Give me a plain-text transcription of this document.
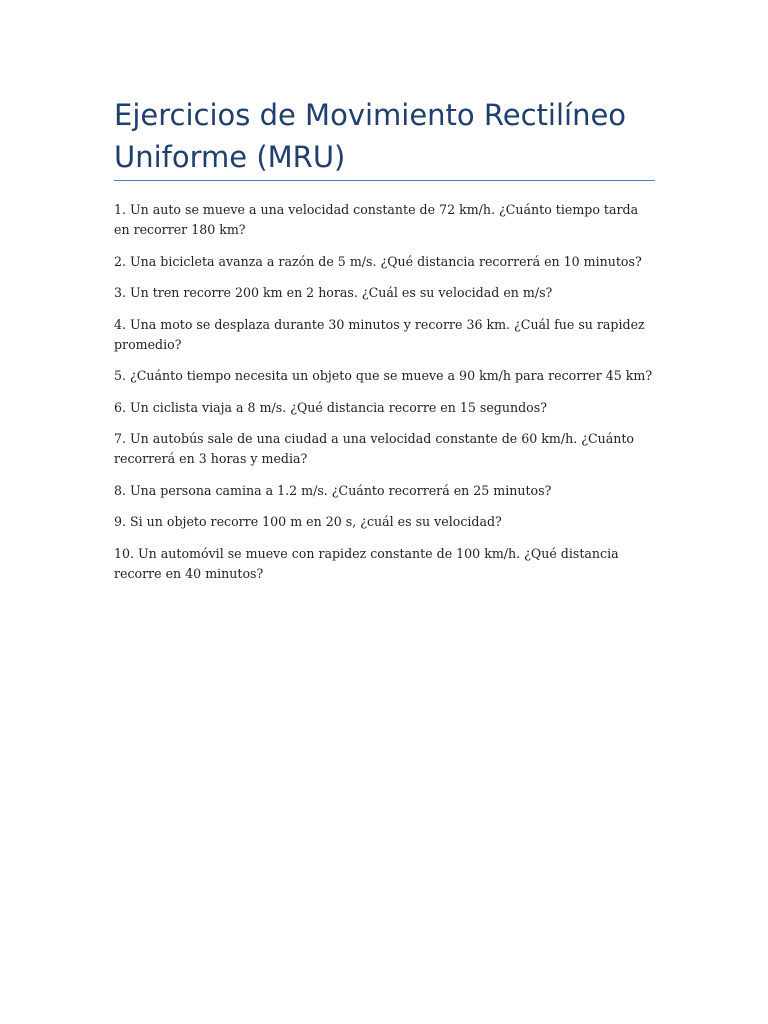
Ejercicios de Movimiento Rectilíneo Uniforme (MRU)
1. Un auto se mueve a una velocidad constante de 72 km/h. ¿Cuánto tiempo tarda en recorrer 180 km?
2. Una bicicleta avanza a razón de 5 m/s. ¿Qué distancia recorrerá en 10 minutos?
3. Un tren recorre 200 km en 2 horas. ¿Cuál es su velocidad en m/s?
4. Una moto se desplaza durante 30 minutos y recorre 36 km. ¿Cuál fue su rapidez promedio?
5. ¿Cuánto tiempo necesita un objeto que se mueve a 90 km/h para recorrer 45 km?
6. Un ciclista viaja a 8 m/s. ¿Qué distancia recorre en 15 segundos?
7. Un autobús sale de una ciudad a una velocidad constante de 60 km/h. ¿Cuánto recorrerá en 3 horas y media?
8. Una persona camina a 1.2 m/s. ¿Cuánto recorrerá en 25 minutos?
9. Si un objeto recorre 100 m en 20 s, ¿cuál es su velocidad?
10. Un automóvil se mueve con rapidez constante de 100 km/h. ¿Qué distancia recorre en 40 minutos?
